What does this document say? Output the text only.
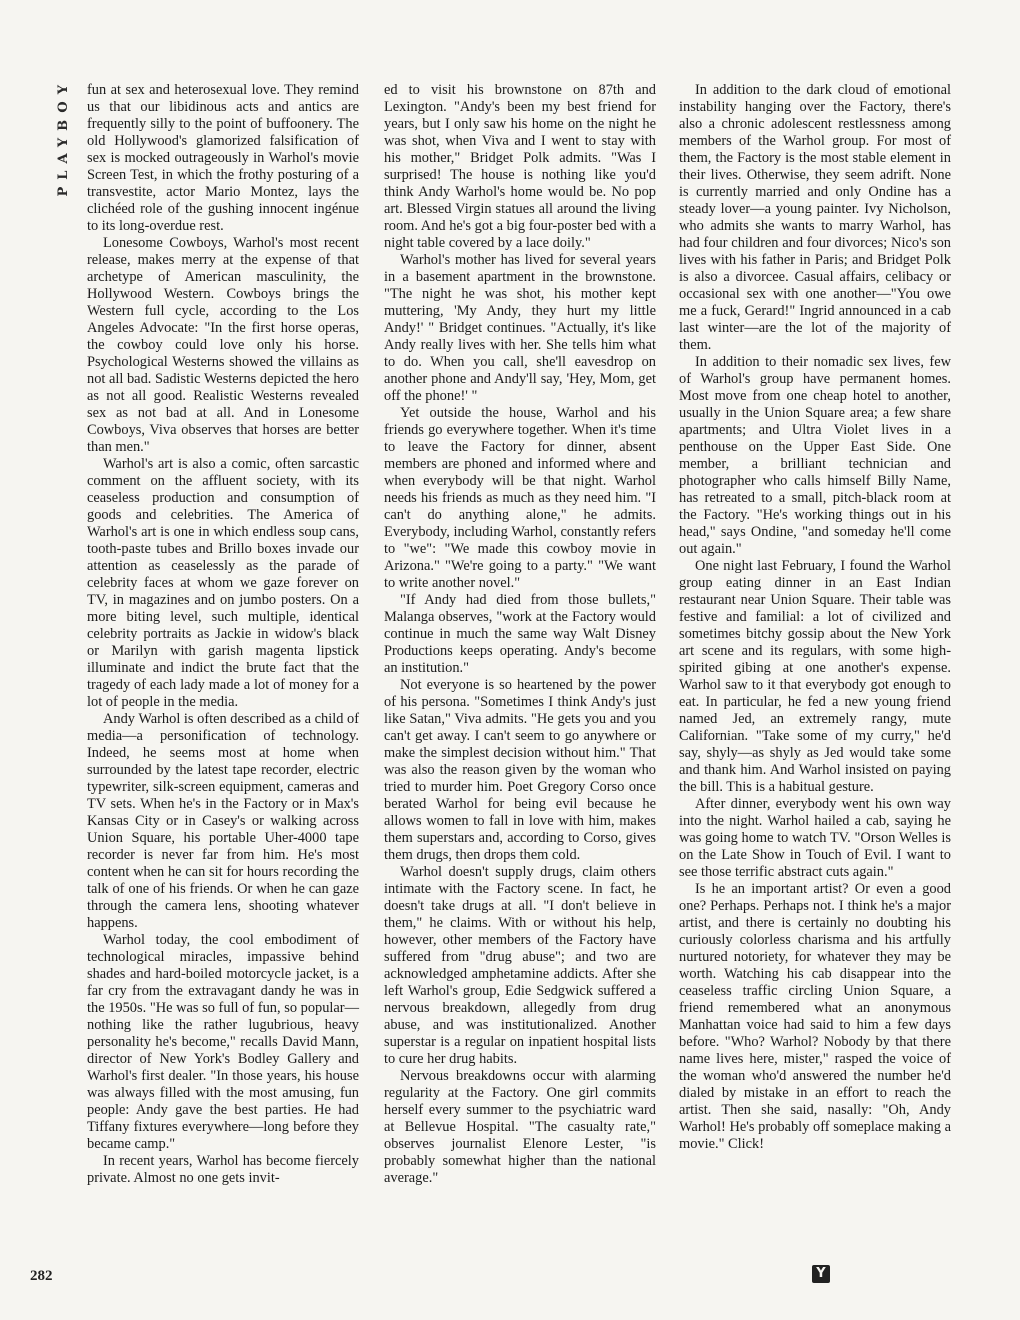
PLAYBOY fun at sex and heterosexual love. They remind us that our libidinous acts and antics are frequently silly to the point of buffoonery. The old Hollywood's glamorized falsification of sex is mocked outrageously in Warhol's movie Screen Test, in which the frothy posturing of a transvestite, actor Mario Montez, lays the clichéed role of the gushing innocent ingénue to its long-overdue rest.

Lonesome Cowboys, Warhol's most recent release, makes merry at the expense of that archetype of American masculinity, the Hollywood Western. Cowboys brings the Western full cycle, according to the Los Angeles Advocate: "In the first horse operas, the cowboy could love only his horse. Psychological Westerns showed the villains as not all bad. Sadistic Westerns depicted the hero as not all good. Realistic Westerns revealed sex as not bad at all. And in Lonesome Cowboys, Viva observes that horses are better than men."

Warhol's art is also a comic, often sarcastic comment on the affluent society, with its ceaseless production and consumption of goods and celebrities. The America of Warhol's art is one in which endless soup cans, tooth-paste tubes and Brillo boxes invade our attention as ceaselessly as the parade of celebrity faces at whom we gaze forever on TV, in magazines and on jumbo posters. On a more biting level, such multiple, identical celebrity portraits as Jackie in widow's black or Marilyn with garish magenta lipstick illuminate and indict the brute fact that the tragedy of each lady made a lot of money for a lot of people in the media.

Andy Warhol is often described as a child of media—a personification of technology. Indeed, he seems most at home when surrounded by the latest tape recorder, electric typewriter, silk-screen equipment, cameras and TV sets. When he's in the Factory or in Max's Kansas City or in Casey's or walking across Union Square, his portable Uher-4000 tape recorder is never far from him. He's most content when he can sit for hours recording the talk of one of his friends. Or when he can gaze through the camera lens, shooting whatever happens.

Warhol today, the cool embodiment of technological miracles, impassive behind shades and hard-boiled motorcycle jacket, is a far cry from the extravagant dandy he was in the 1950s. "He was so full of fun, so popular—nothing like the rather lugubrious, heavy personality he's become," recalls David Mann, director of New York's Bodley Gallery and Warhol's first dealer. "In those years, his house was always filled with the most amusing, fun people: Andy gave the best parties. He had Tiffany fixtures everywhere—long before they became camp."

In recent years, Warhol has become fiercely private. Almost no one gets invit-

ed to visit his brownstone on 87th and Lexington. "Andy's been my best friend for years, but I only saw his home on the night he was shot, when Viva and I went to stay with his mother," Bridget Polk admits. "Was I surprised! The house is nothing like you'd think Andy Warhol's home would be. No pop art. Blessed Virgin statues all around the living room. And he's got a big four-poster bed with a night table covered by a lace doily."

Warhol's mother has lived for several years in a basement apartment in the brownstone. "The night he was shot, his mother kept muttering, 'My Andy, they hurt my little Andy!' " Bridget continues. "Actually, it's like Andy really lives with her. She tells him what to do. When you call, she'll eavesdrop on another phone and Andy'll say, 'Hey, Mom, get off the phone!' "

Yet outside the house, Warhol and his friends go everywhere together. When it's time to leave the Factory for dinner, absent members are phoned and informed where and when everybody will be that night. Warhol needs his friends as much as they need him. "I can't do anything alone," he admits. Everybody, including Warhol, constantly refers to "we": "We made this cowboy movie in Arizona." "We're going to a party." "We want to write another novel."

"If Andy had died from those bullets," Malanga observes, "work at the Factory would continue in much the same way Walt Disney Productions keeps operating. Andy's become an institution."

Not everyone is so heartened by the power of his persona. "Sometimes I think Andy's just like Satan," Viva admits. "He gets you and you can't get away. I can't seem to go anywhere or make the simplest decision without him." That was also the reason given by the woman who tried to murder him. Poet Gregory Corso once berated Warhol for being evil because he allows women to fall in love with him, makes them superstars and, according to Corso, gives them drugs, then drops them cold.

Warhol doesn't supply drugs, claim others intimate with the Factory scene. In fact, he doesn't take drugs at all. "I don't believe in them," he claims. With or without his help, however, other members of the Factory have suffered from "drug abuse"; and two are acknowledged amphetamine addicts. After she left Warhol's group, Edie Sedgwick suffered a nervous breakdown, allegedly from drug abuse, and was institutionalized. Another superstar is a regular on inpatient hospital lists to cure her drug habits.

Nervous breakdowns occur with alarming regularity at the Factory. One girl commits herself every summer to the psychiatric ward at Bellevue Hospital. "The casualty rate," observes journalist Elenore Lester, "is probably somewhat higher than the national average."

In addition to the dark cloud of emotional instability hanging over the Factory, there's also a chronic adolescent restlessness among members of the Warhol group. For most of them, the Factory is the most stable element in their lives. Otherwise, they seem adrift. None is currently married and only Ondine has a steady lover—a young painter. Ivy Nicholson, who admits she wants to marry Warhol, has had four children and four divorces; Nico's son lives with his father in Paris; and Bridget Polk is also a divorcee. Casual affairs, celibacy or occasional sex with one another—"You owe me a fuck, Gerard!" Ingrid announced in a cab last winter—are the lot of the majority of them.

In addition to their nomadic sex lives, few of Warhol's group have permanent homes. Most move from one cheap hotel to another, usually in the Union Square area; a few share apartments; and Ultra Violet lives in a penthouse on the Upper East Side. One member, a brilliant technician and photographer who calls himself Billy Name, has retreated to a small, pitch-black room at the Factory. "He's working things out in his head," says Ondine, "and someday he'll come out again."

One night last February, I found the Warhol group eating dinner in an East Indian restaurant near Union Square. Their table was festive and familial: a lot of civilized and sometimes bitchy gossip about the New York art scene and its regulars, with some high-spirited gibing at one another's expense. Warhol saw to it that everybody got enough to eat. In particular, he fed a new young friend named Jed, an extremely rangy, mute Californian. "Take some of my curry," he'd say, shyly—as shyly as Jed would take some and thank him. And Warhol insisted on paying the bill. This is a habitual gesture.

After dinner, everybody went his own way into the night. Warhol hailed a cab, saying he was going home to watch TV. "Orson Welles is on the Late Show in Touch of Evil. I want to see those terrific abstract cuts again."

Is he an important artist? Or even a good one? Perhaps. Perhaps not. I think he's a major artist, and there is certainly no doubting his curiously colorless charisma and his artfully nurtured notoriety, for whatever they may be worth. Watching his cab disappear into the ceaseless traffic circling Union Square, a friend remembered what an anonymous Manhattan voice had said to him a few days before. "Who? Warhol? Nobody by that there name lives here, mister," rasped the voice of the woman who'd answered the number he'd dialed by mistake in an effort to reach the artist. Then she said, nasally: "Oh, Andy Warhol! He's probably off someplace making a movie." Click!

282	Y
